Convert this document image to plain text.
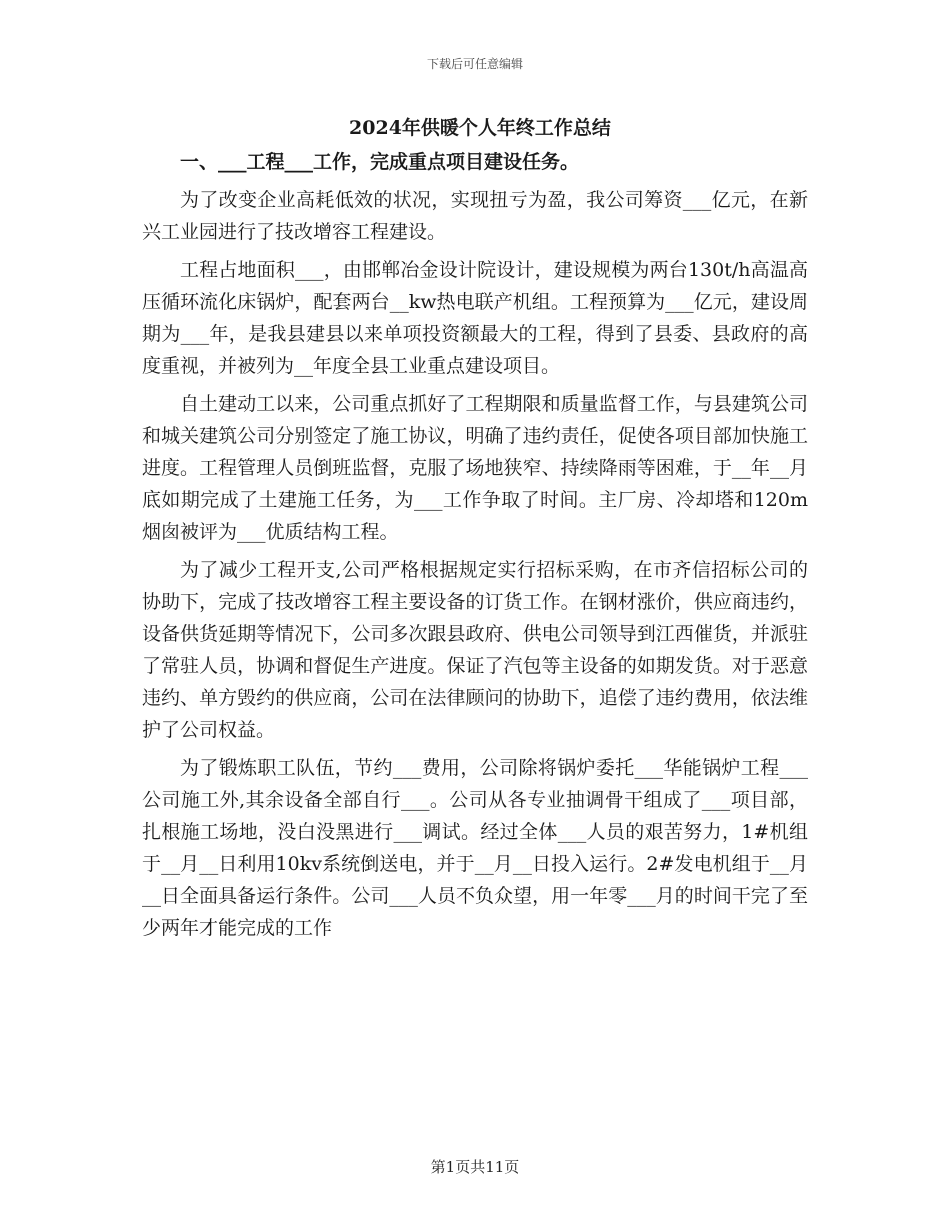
下载后可任意编辑
2024年供暖个人年终工作总结

一、___工程___工作，完成重点项目建设任务。

为了改变企业高耗低效的状况，实现扭亏为盈，我公司筹资___亿元，在新兴工业园进行了技改增容工程建设。

工程占地面积___，由邯郸冶金设计院设计，建设规模为两台130t/h高温高压循环流化床锅炉，配套两台__kw热电联产机组。工程预算为___亿元，建设周期为___年，是我县建县以来单项投资额最大的工程，得到了县委、县政府的高度重视，并被列为__年度全县工业重点建设项目。

自土建动工以来，公司重点抓好了工程期限和质量监督工作，与县建筑公司和城关建筑公司分别签定了施工协议，明确了违约责任，促使各项目部加快施工进度。工程管理人员倒班监督，克服了场地狭窄、持续降雨等困难，于__年__月底如期完成了土建施工任务，为___工作争取了时间。主厂房、冷却塔和120m烟囱被评为___优质结构工程。

为了减少工程开支,公司严格根据规定实行招标采购，在市齐信招标公司的协助下，完成了技改增容工程主要设备的订货工作。在钢材涨价，供应商违约，设备供货延期等情况下，公司多次跟县政府、供电公司领导到江西催货，并派驻了常驻人员，协调和督促生产进度。保证了汽包等主设备的如期发货。对于恶意违约、单方毁约的供应商，公司在法律顾问的协助下，追偿了违约费用，依法维护了公司权益。

为了锻炼职工队伍，节约___费用，公司除将锅炉委托___华能锅炉工程___公司施工外,其余设备全部自行___。公司从各专业抽调骨干组成了___项目部，扎根施工场地，没白没黑进行___调试。经过全体___人员的艰苦努力，1#机组于__月__日利用10kv系统倒送电，并于__月__日投入运行。2#发电机组于__月__日全面具备运行条件。公司___人员不负众望，用一年零___月的时间干完了至少两年才能完成的工作

第1页共11页
